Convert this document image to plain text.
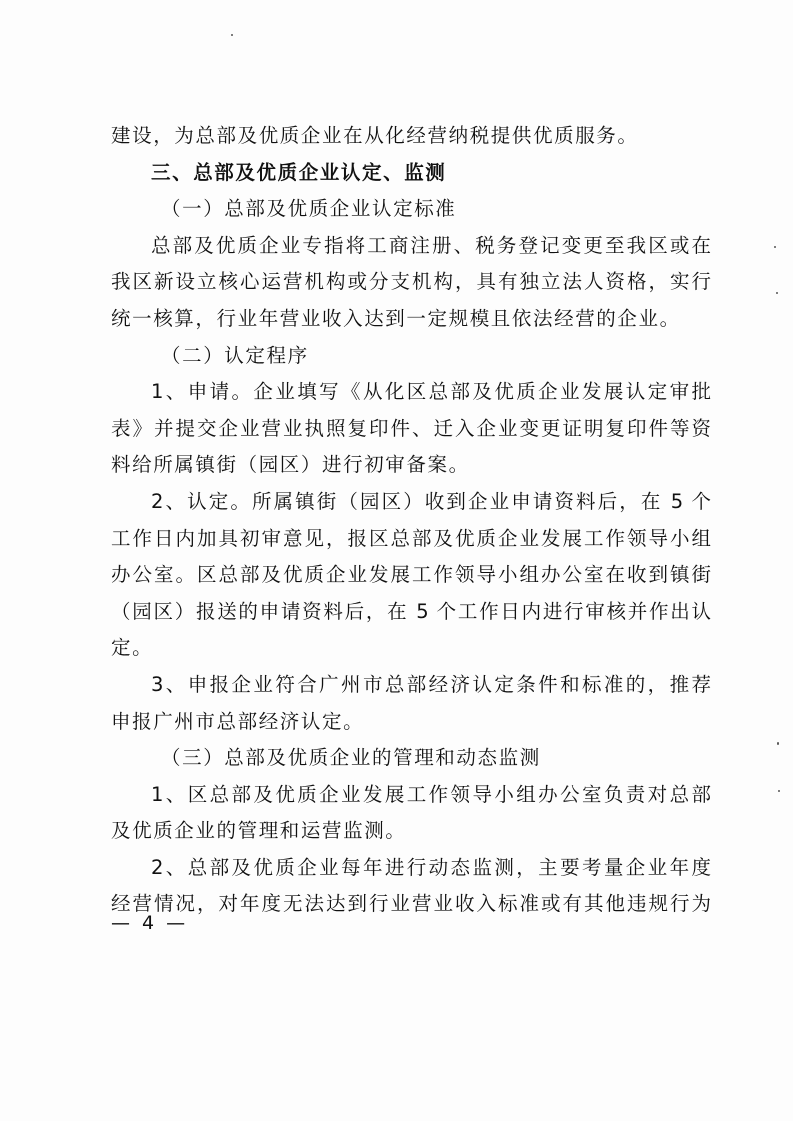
建设，为总部及优质企业在从化经营纳税提供优质服务。
三、总部及优质企业认定、监测
（一）总部及优质企业认定标准
总部及优质企业专指将工商注册、税务登记变更至我区或在
我区新设立核心运营机构或分支机构，具有独立法人资格，实行
统一核算，行业年营业收入达到一定规模且依法经营的企业。
（二）认定程序
1、申请。企业填写《从化区总部及优质企业发展认定审批
表》并提交企业营业执照复印件、迁入企业变更证明复印件等资
料给所属镇街（园区）进行初审备案。
2、认定。所属镇街（园区）收到企业申请资料后，在 5 个
工作日内加具初审意见，报区总部及优质企业发展工作领导小组
办公室。区总部及优质企业发展工作领导小组办公室在收到镇街
（园区）报送的申请资料后，在 5 个工作日内进行审核并作出认
定。
3、申报企业符合广州市总部经济认定条件和标准的，推荐
申报广州市总部经济认定。
（三）总部及优质企业的管理和动态监测
1、区总部及优质企业发展工作领导小组办公室负责对总部
及优质企业的管理和运营监测。
2、总部及优质企业每年进行动态监测，主要考量企业年度
经营情况，对年度无法达到行业营业收入标准或有其他违规行为
— 4 —
